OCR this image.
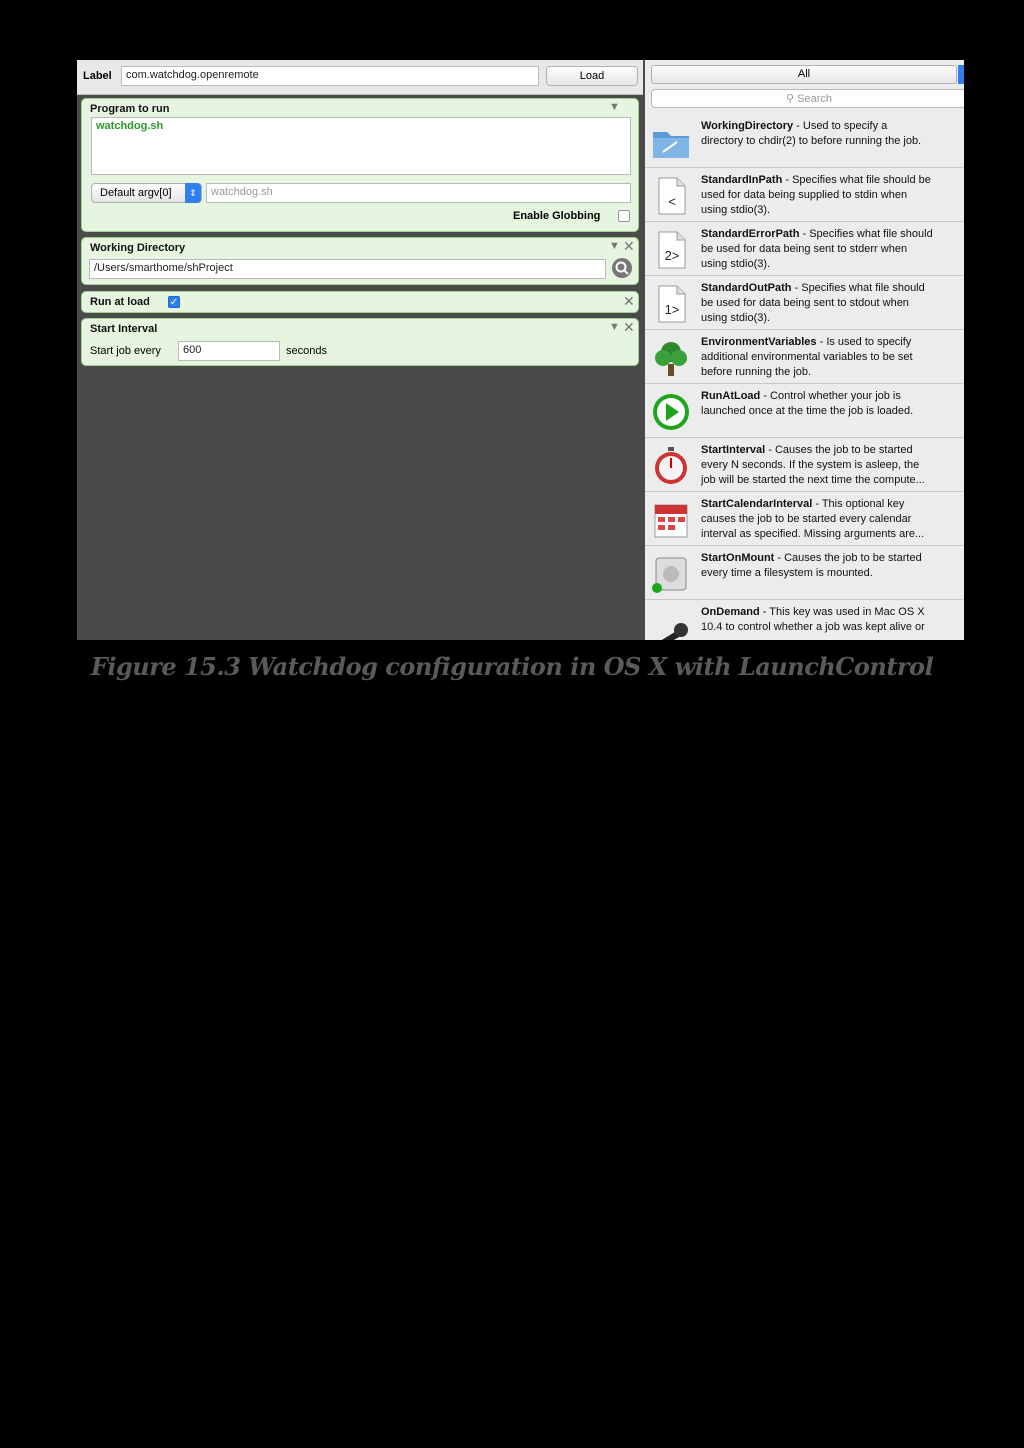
Label	com.watchdog.openremote	Load
Program to run	▼
watchdog.sh
Default argv[0]	⇕	watchdog.sh
Enable Globbing
Working Directory	▼ ✕
/Users/smarthome/shProject
Run at load ✓	✕
Start Interval	▼ ✕
Start job every	600	seconds
All
⚲ Search
WorkingDirectory - Used to specify a
directory to chdir(2) to before running the job.
<
StandardInPath - Specifies what file should be
used for data being supplied to stdin when
using stdio(3).
2>
StandardErrorPath - Specifies what file should
be used for data being sent to stderr when
using stdio(3).
1>
StandardOutPath - Specifies what file should
be used for data being sent to stdout when
using stdio(3).
EnvironmentVariables - Is used to specify
additional environmental variables to be set
before running the job.
RunAtLoad - Control whether your job is
launched once at the time the job is loaded.
StartInterval - Causes the job to be started
every N seconds. If the system is asleep, the
job will be started the next time the compute...
StartCalendarInterval - This optional key
causes the job to be started every calendar
interval as specified. Missing arguments are...
StartOnMount - Causes the job to be started
every time a filesystem is mounted.
OnDemand - This key was used in Mac OS X
10.4 to control whether a job was kept alive or
Figure 15.3 Watchdog configuration in OS X with LaunchControl
